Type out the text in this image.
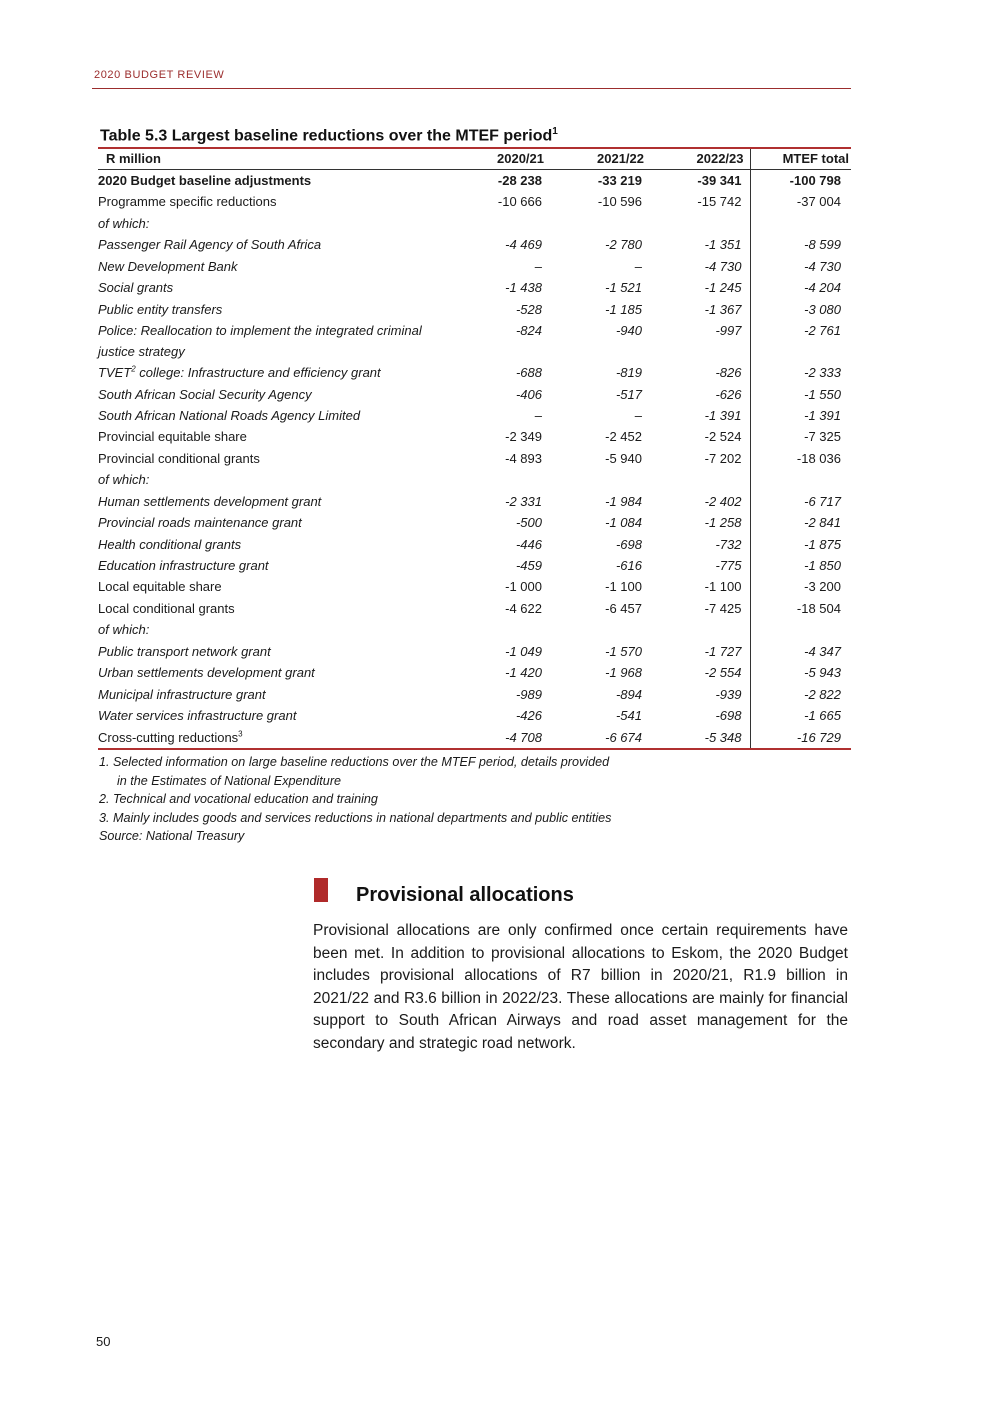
2020 BUDGET REVIEW
Table 5.3 Largest baseline reductions over the MTEF period$^1$
R million	2020/21	2021/22	2022/23	MTEF total
2020 Budget baseline adjustments	-28 238	-33 219	-39 341	-100 798
Programme specific reductions	-10 666	-10 596	-15 742	-37 004
of which:				
Passenger Rail Agency of South Africa	-4 469	-2 780	-1 351	-8 599
New Development Bank	–	–	-4 730	-4 730
Social grants	-1 438	-1 521	-1 245	-4 204
Public entity transfers	-528	-1 185	-1 367	-3 080
Police: Reallocation to implement the integrated criminal justice strategy	-824	-940	-997	-2 761
TVET$^2$ college: Infrastructure and efficiency grant	-688	-819	-826	-2 333
South African Social Security Agency	-406	-517	-626	-1 550
South African National Roads Agency Limited	–	–	-1 391	-1 391
Provincial equitable share	-2 349	-2 452	-2 524	-7 325
Provincial conditional grants	-4 893	-5 940	-7 202	-18 036
of which:				
Human settlements development grant	-2 331	-1 984	-2 402	-6 717
Provincial roads maintenance grant	-500	-1 084	-1 258	-2 841
Health conditional grants	-446	-698	-732	-1 875
Education infrastructure grant	-459	-616	-775	-1 850
Local equitable share	-1 000	-1 100	-1 100	-3 200
Local conditional grants	-4 622	-6 457	-7 425	-18 504
of which:				
Public transport network grant	-1 049	-1 570	-1 727	-4 347
Urban settlements development grant	-1 420	-1 968	-2 554	-5 943
Municipal infrastructure grant	-989	-894	-939	-2 822
Water services infrastructure grant	-426	-541	-698	-1 665
Cross-cutting reductions$^3$	-4 708	-6 674	-5 348	-16 729
1. Selected information on large baseline reductions over the MTEF period, details provided
in the Estimates of National Expenditure
2. Technical and vocational education and training
3. Mainly includes goods and services reductions in national departments and public entities
Source: National Treasury
Provisional allocations
Provisional allocations are only confirmed once certain requirements have been met. In addition to provisional allocations to Eskom, the 2020 Budget includes provisional allocations of R7 billion in 2020/21, R1.9 billion in 2021/22 and R3.6 billion in 2022/23. These allocations are mainly for financial support to South African Airways and road asset management for the secondary and strategic road network.
50
